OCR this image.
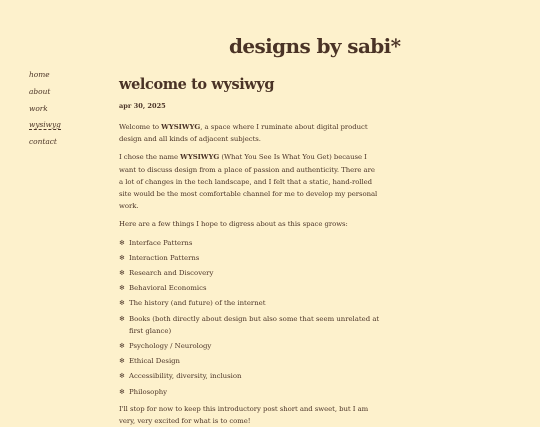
designs by sabi*
home
about
work
wysiwyg
contact
welcome to wysiwyg
apr 30, 2025

Welcome to WYSIWYG, a space where I ruminate about digital product design and all kinds of adjacent subjects.

I chose the name WYSIWYG (What You See Is What You Get) because I want to discuss design from a place of passion and authenticity. There are a lot of changes in the tech landscape, and I felt that a static, hand-rolled site would be the most comfortable channel for me to develop my personal work.

Here are a few things I hope to digress about as this space grows:

❄ Interface Patterns
❄ Interaction Patterns
❄ Research and Discovery
❄ Behavioral Economics
❄ The history (and future) of the internet
❄ Books (both directly about design but also some that seem unrelated at first glance)
❄ Psychology / Neurology
❄ Ethical Design
❄ Accessibility, diversity, inclusion
❄ Philosophy

I'll stop for now to keep this introductory post short and sweet, but I am very, very excited for what is to come!
